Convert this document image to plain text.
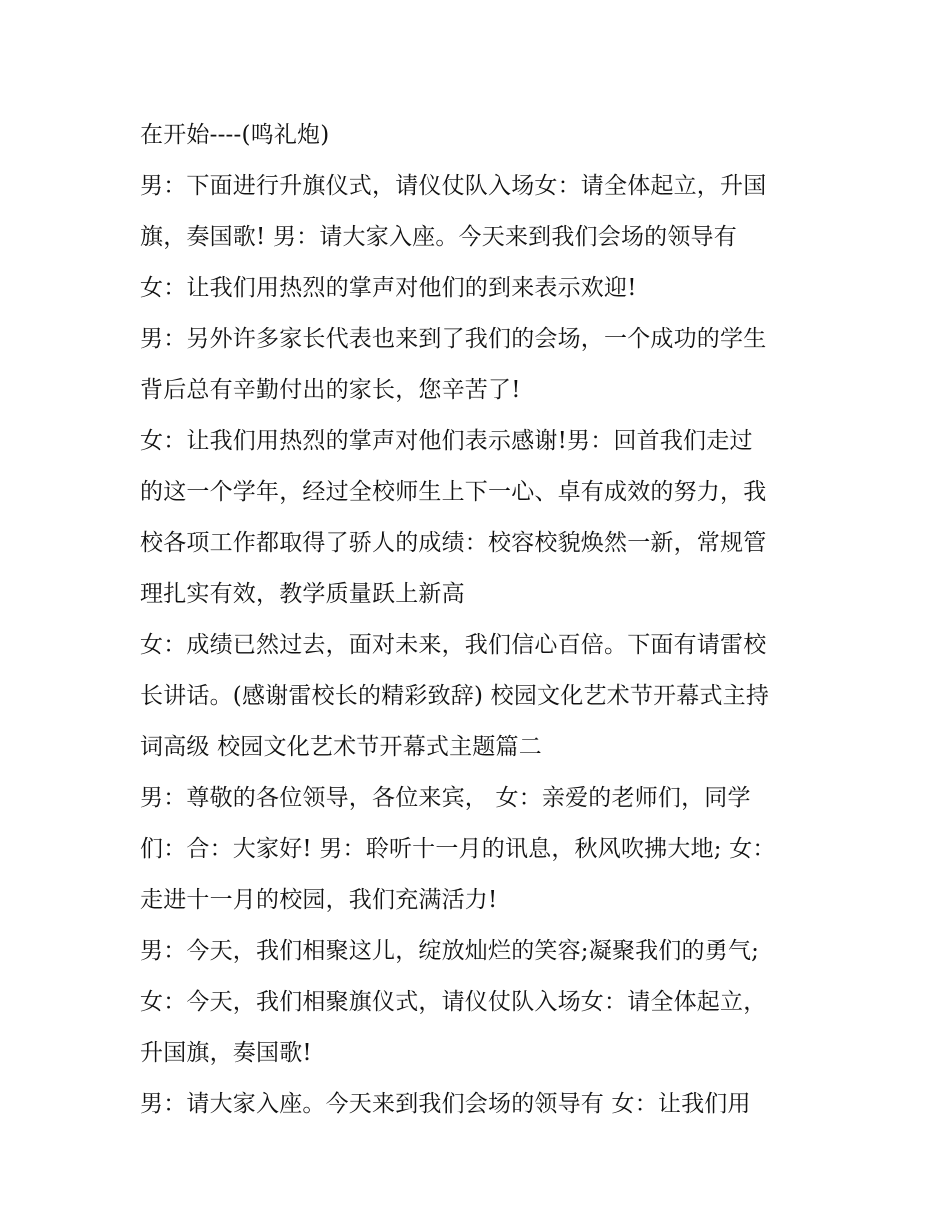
在开始----(鸣礼炮)
男：下面进行升旗仪式，请仪仗队入场女：请全体起立，升国
旗，奏国歌! 男：请大家入座。今天来到我们会场的领导有
女：让我们用热烈的掌声对他们的到来表示欢迎!
男：另外许多家长代表也来到了我们的会场，一个成功的学生
背后总有辛勤付出的家长，您辛苦了!
女：让我们用热烈的掌声对他们表示感谢!男：回首我们走过
的这一个学年，经过全校师生上下一心、卓有成效的努力，我
校各项工作都取得了骄人的成绩：校容校貌焕然一新，常规管
理扎实有效，教学质量跃上新高
女：成绩已然过去，面对未来，我们信心百倍。下面有请雷校
长讲话。(感谢雷校长的精彩致辞) 校园文化艺术节开幕式主持
词高级 校园文化艺术节开幕式主题篇二
男：尊敬的各位领导，各位来宾， 女：亲爱的老师们，同学
们：合：大家好! 男：聆听十一月的讯息，秋风吹拂大地; 女：
走进十一月的校园，我们充满活力!
男：今天，我们相聚这儿，绽放灿烂的笑容;凝聚我们的勇气;
女：今天，我们相聚旗仪式，请仪仗队入场女：请全体起立，
升国旗，奏国歌!
男：请大家入座。今天来到我们会场的领导有 女：让我们用
